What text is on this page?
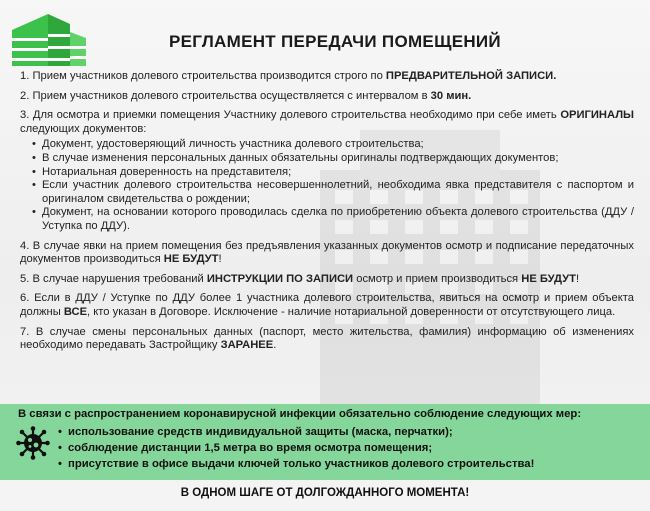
РЕГЛАМЕНТ ПЕРЕДАЧИ ПОМЕЩЕНИЙ

1. Прием участников долевого строительства производится строго по ПРЕДВАРИТЕЛЬНОЙ ЗАПИСИ.

2. Прием участников долевого строительства осуществляется с интервалом в 30 мин.

3. Для осмотра и приемки помещения Участнику долевого строительства необходимо при себе иметь ОРИГИНАЛЫ следующих документов:

• Документ, удостоверяющий личность участника долевого строительства;
• В случае изменения персональных данных обязательны оригиналы подтверждающих документов;
• Нотариальная доверенность на представителя;
• Если участник долевого строительства несовершеннолетний, необходима явка представителя с паспортом и оригиналом свидетельства о рождении;
• Документ, на основании которого проводилась сделка по приобретению объекта долевого строительства (ДДУ / Уступка по ДДУ).

4. В случае явки на прием помещения без предъявления указанных документов осмотр и подписание передаточных документов производиться НЕ БУДУТ!

5. В случае нарушения требований ИНСТРУКЦИИ ПО ЗАПИСИ осмотр и прием производиться НЕ БУДУТ!

6. Если в ДДУ / Уступке по ДДУ более 1 участника долевого строительства, явиться на осмотр и прием объекта должны ВСЕ, кто указан в Договоре. Исключение - наличие нотариальной доверенности от отсутствующего лица.

7. В случае смены персональных данных (паспорт, место жительства, фамилия) информацию об изменениях необходимо передавать Застройщику ЗАРАНЕЕ.

В связи с распространением коронавирусной инфекции обязательно соблюдение следующих мер:
• использование средств индивидуальной защиты (маска, перчатки);
• соблюдение дистанции 1,5 метра во время осмотра помещения;
• присутствие в офисе выдачи ключей только участников долевого строительства!
В ОДНОМ ШАГЕ ОТ ДОЛГОЖДАННОГО МОМЕНТА!
